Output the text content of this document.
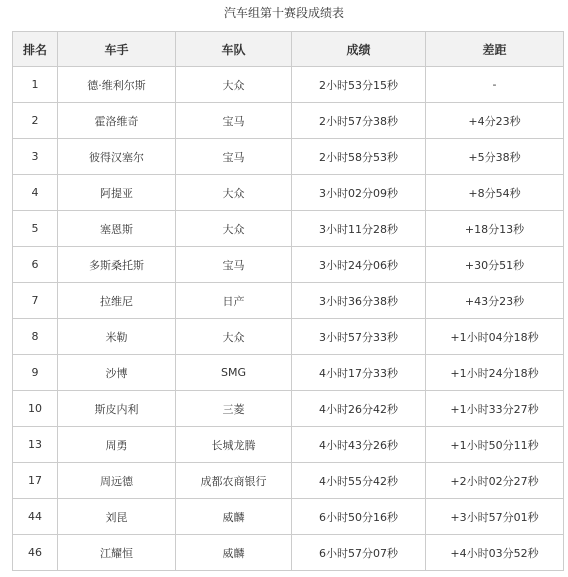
汽车组第十赛段成绩表
排名	车手	车队	成绩	差距
1	德·维利尔斯	大众	2小时53分15秒	-
2	霍洛维奇	宝马	2小时57分38秒	+4分23秒
3	彼得汉塞尔	宝马	2小时58分53秒	+5分38秒
4	阿提亚	大众	3小时02分09秒	+8分54秒
5	塞恩斯	大众	3小时11分28秒	+18分13秒
6	多斯桑托斯	宝马	3小时24分06秒	+30分51秒
7	拉维尼	日产	3小时36分38秒	+43分23秒
8	米勒	大众	3小时57分33秒	+1小时04分18秒
9	沙博	SMG	4小时17分33秒	+1小时24分18秒
10	斯皮内利	三菱	4小时26分42秒	+1小时33分27秒
13	周勇	长城龙腾	4小时43分26秒	+1小时50分11秒
17	周远德	成都农商银行	4小时55分42秒	+2小时02分27秒
44	刘昆	威麟	6小时50分16秒	+3小时57分01秒
46	江耀恒	威麟	6小时57分07秒	+4小时03分52秒
